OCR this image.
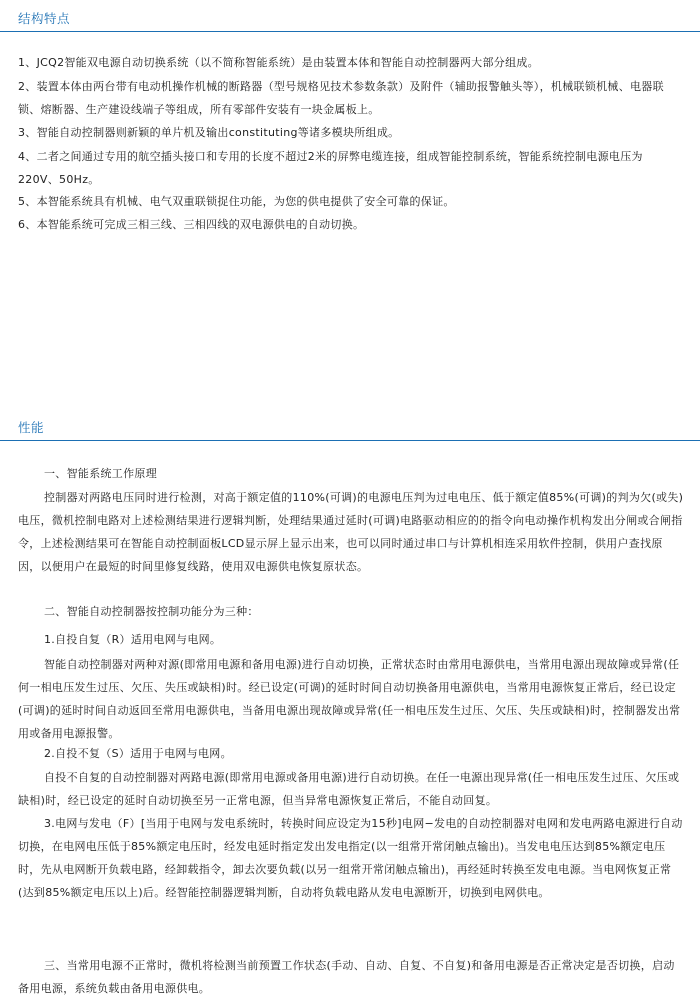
结构特点

1、JCQ2智能双电源自动切换系统（以不简称智能系统）是由装置本体和智能自动控制器两大部分组成。

2、装置本体由两台带有电动机操作机械的断路器（型号规格见技术参数条款）及附件（辅助报警触头等），机械联锁机械、电器联锁、熔断器、生产建设线端子等组成，所有零部件安装有一块金属板上。

3、智能自动控制器则新颖的单片机及输出constituting等诸多模块所组成。

4、二者之间通过专用的航空插头接口和专用的长度不超过2米的屏弊电缆连接，组成智能控制系统，智能系统控制电源电压为220V、50Hz。

5、本智能系统具有机械、电气双重联锁捉住功能，为您的供电提供了安全可靠的保证。

6、本智能系统可完成三相三线、三相四线的双电源供电的自动切换。

性能

一、智能系统工作原理

控制器对两路电压同时进行检测，对高于额定值的110%(可调)的电源电压判为过电电压、低于额定值85%(可调)的判为欠(或失)电压，微机控制电路对上述检测结果进行逻辑判断，处理结果通过延时(可调)电路驱动相应的的指令向电动操作机构发出分闸或合闸指令，上述检测结果可在智能自动控制面板LCD显示屏上显示出来，也可以同时通过串口与计算机相连采用软件控制，供用户查找原因，以便用户在最短的时间里修复线路，使用双电源供电恢复原状态。

二、智能自动控制器按控制功能分为三种：

1.自投自复（R）适用电网与电网。

智能自动控制器对两种对源(即常用电源和备用电源)进行自动切换，正常状态时由常用电源供电，当常用电源出现故障或异常(任何一相电压发生过压、欠压、失压或缺相)时。经已设定(可调)的延时时间自动切换备用电源供电，当常用电源恢复正常后，经已设定(可调)的延时时间自动返回至常用电源供电，当备用电源出现故障或异常(任一相电压发生过压、欠压、失压或缺相)时，控制器发出常用或备用电源报警。

2.自投不复（S）适用于电网与电网。

自投不自复的自动控制器对两路电源(即常用电源或备用电源)进行自动切换。在任一电源出现异常(任一相电压发生过压、欠压或缺相)时，经已设定的延时自动切换至另一正常电源，但当异常电源恢复正常后，不能自动回复。

3.电网与发电（F）[当用于电网与发电系统时，转换时间应设定为15秒]电网−发电的自动控制器对电网和发电两路电源进行自动切换，在电网电压低于85%额定电压时，经发电延时指定发出发电指定(以一组常开常闭触点输出)。当发电电压达到85%额定电压时，先从电网断开负载电路，经卸载指令，卸去次要负载(以另一组常开常闭触点输出)，再经延时转换至发电电源。当电网恢复正常(达到85%额定电压以上)后。经智能控制器逻辑判断，自动将负载电路从发电电源断开，切换到电网供电。

三、当常用电源不正常时，微机将检测当前预置工作状态(手动、自动、自复、不自复)和备用电源是否正常决定是否切换，启动备用电源，系统负载由备用电源供电。
